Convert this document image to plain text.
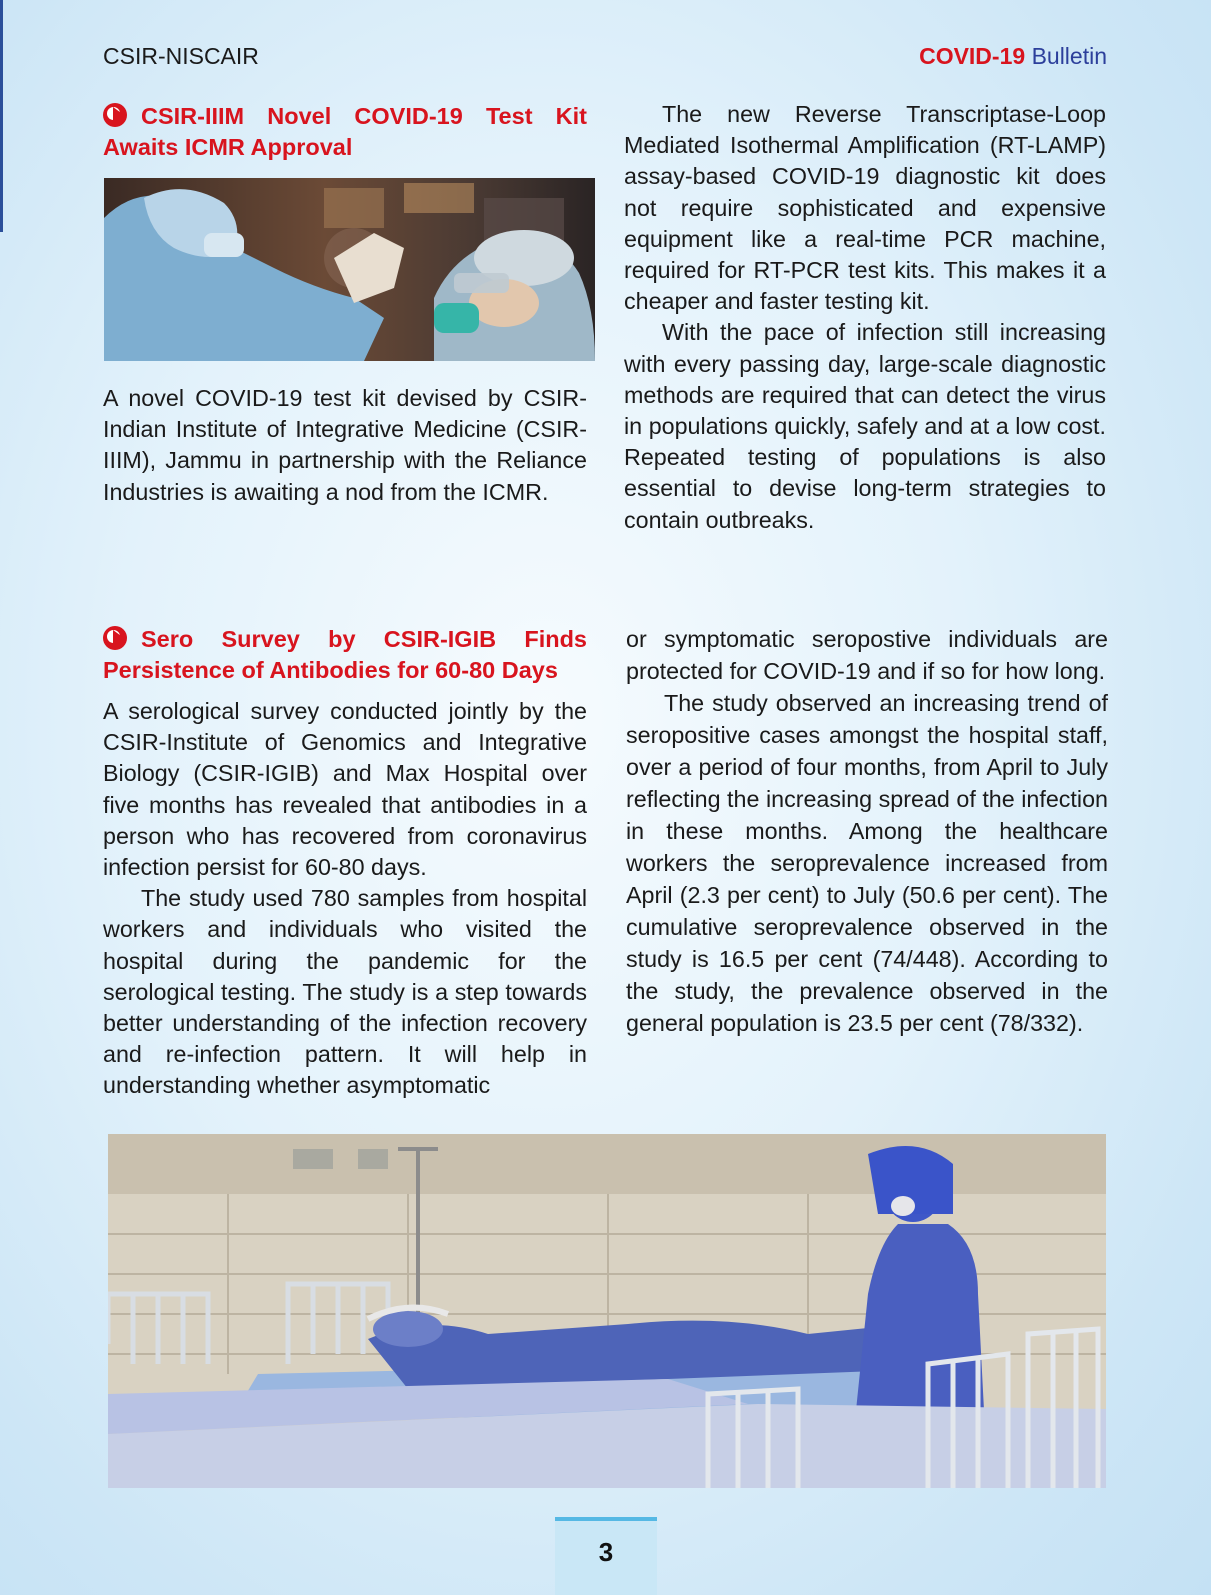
CSIR-NISCAIR	COVID-19 Bulletin
CSIR-IIIM Novel COVID-19 Test Kit Awaits ICMR Approval

A novel COVID-19 test kit devised by CSIR-Indian Institute of Integrative Medicine (CSIR-IIIM), Jammu in partnership with the Reliance Industries is awaiting a nod from the ICMR.

The new Reverse Transcriptase-Loop Mediated Isothermal Amplification (RT-LAMP) assay-based COVID-19 diagnostic kit does not require sophisticated and expensive equipment like a real-time PCR machine, required for RT-PCR test kits. This makes it a cheaper and faster testing kit.

With the pace of infection still increasing with every passing day, large-scale diagnostic methods are required that can detect the virus in populations quickly, safely and at a low cost. Repeated testing of populations is also essential to devise long-term strategies to contain outbreaks.

Sero Survey by CSIR-IGIB Finds Persistence of Antibodies for 60-80 Days

A serological survey conducted jointly by the CSIR-Institute of Genomics and Integrative Biology (CSIR-IGIB) and Max Hospital over five months has revealed that antibodies in a person who has recovered from coronavirus infection persist for 60-80 days.

The study used 780 samples from hospital workers and individuals who visited the hospital during the pandemic for the serological testing. The study is a step towards better understanding of the infection recovery and re-infection pattern. It will help in understanding whether asymptomatic

or symptomatic seropostive individuals are protected for COVID-19 and if so for how long.

The study observed an increasing trend of seropositive cases amongst the hospital staff, over a period of four months, from April to July reflecting the increasing spread of the infection in these months. Among the healthcare workers the seroprevalence increased from April (2.3 per cent) to July (50.6 per cent). The cumulative seroprevalence observed in the study is 16.5 per cent (74/448). According to the study, the prevalence observed in the general population is 23.5 per cent (78/332).

3
